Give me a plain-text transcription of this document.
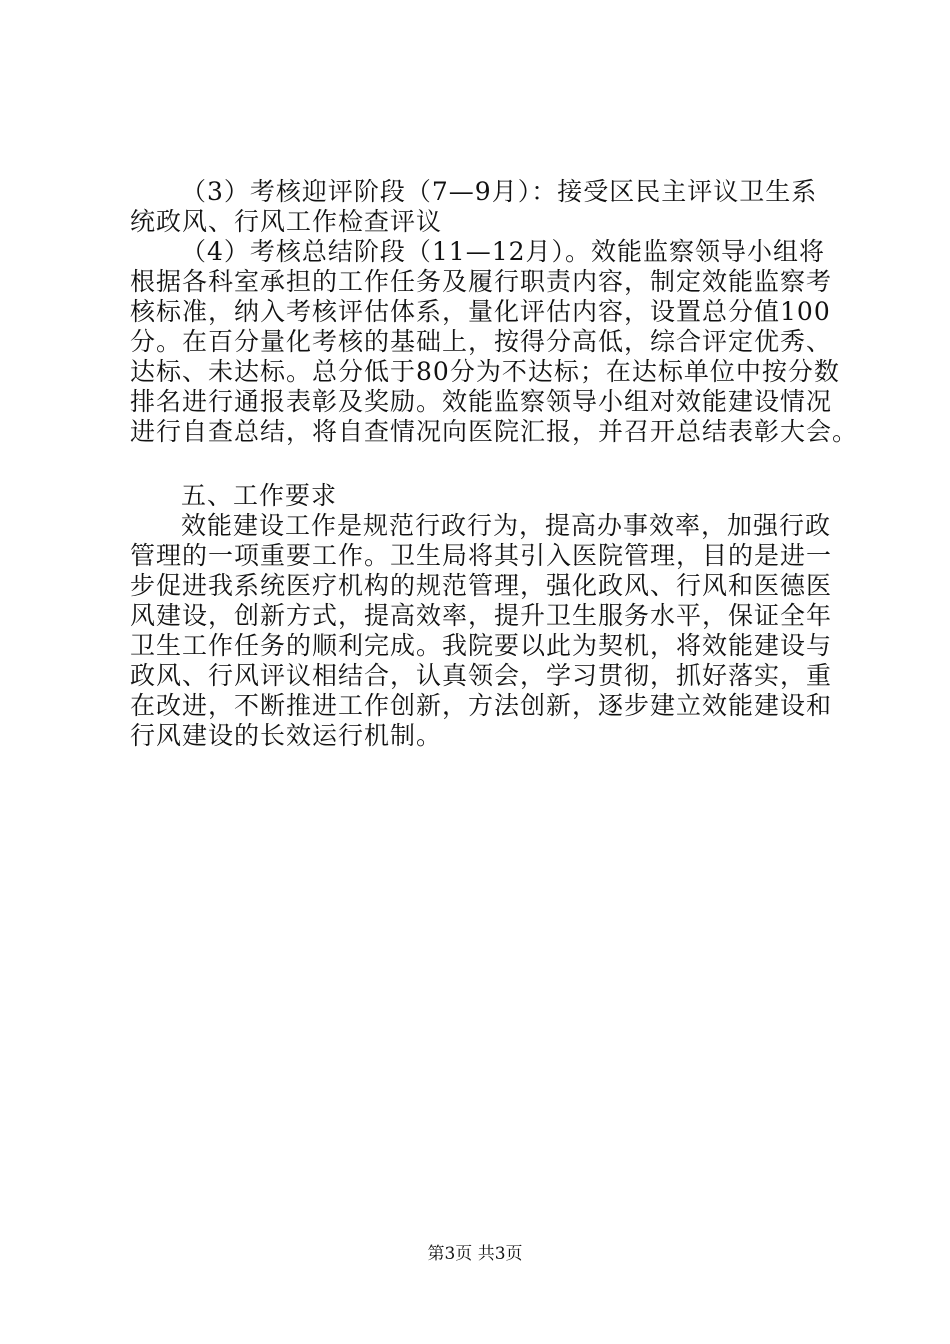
（3）考核迎评阶段（7—9月）：接受区民主评议卫生系
统政风、行风工作检查评议
（4）考核总结阶段（11—12月）。效能监察领导小组将
根据各科室承担的工作任务及履行职责内容，制定效能监察考
核标准，纳入考核评估体系，量化评估内容，设置总分值100
分。在百分量化考核的基础上，按得分高低，综合评定优秀、
达标、未达标。总分低于80分为不达标；在达标单位中按分数
排名进行通报表彰及奖励。效能监察领导小组对效能建设情况
进行自查总结，将自查情况向医院汇报，并召开总结表彰大会。
五、工作要求
效能建设工作是规范行政行为，提高办事效率，加强行政
管理的一项重要工作。卫生局将其引入医院管理，目的是进一
步促进我系统医疗机构的规范管理，强化政风、行风和医德医
风建设，创新方式，提高效率，提升卫生服务水平，保证全年
卫生工作任务的顺利完成。我院要以此为契机，将效能建设与
政风、行风评议相结合，认真领会，学习贯彻，抓好落实，重
在改进，不断推进工作创新，方法创新，逐步建立效能建设和
行风建设的长效运行机制。
第3页 共3页
